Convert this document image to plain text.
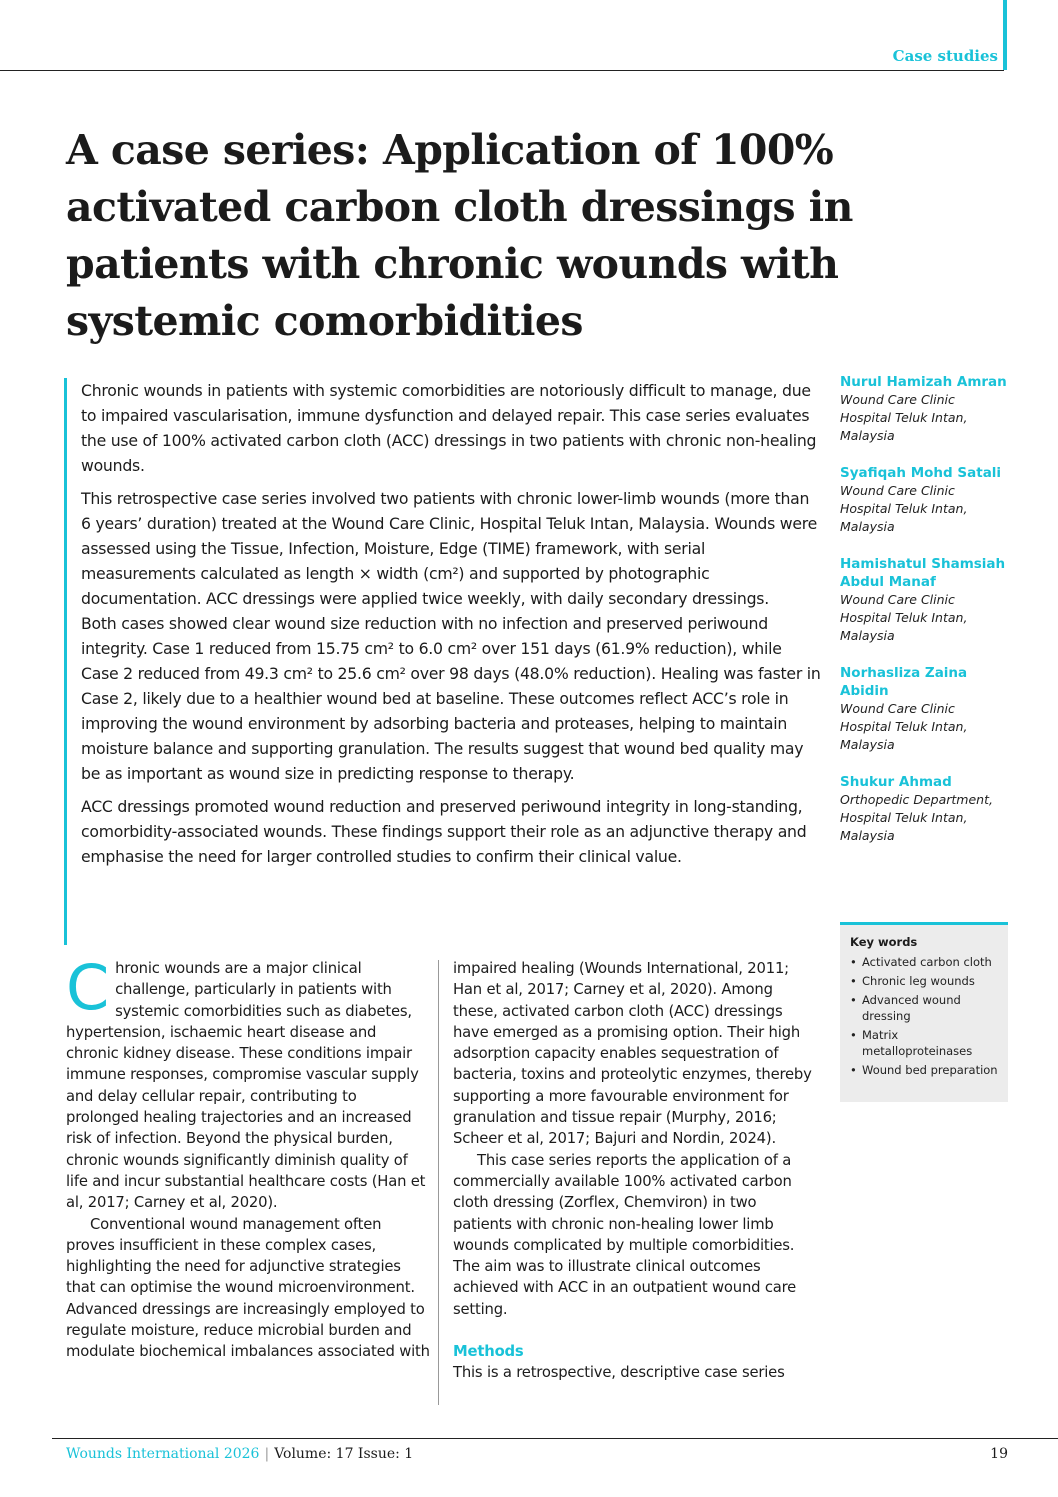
Case studies
A case series: Application of 100% activated carbon cloth dressings in patients with chronic wounds with systemic comorbidities

Chronic wounds in patients with systemic comorbidities are notoriously difficult to manage, due to impaired vascularisation, immune dysfunction and delayed repair. This case series evaluates the use of 100% activated carbon cloth (ACC) dressings in two patients with chronic non-healing wounds.

This retrospective case series involved two patients with chronic lower-limb wounds (more than 6 years’ duration) treated at the Wound Care Clinic, Hospital Teluk Intan, Malaysia. Wounds were assessed using the Tissue, Infection, Moisture, Edge (TIME) framework, with serial measurements calculated as length × width (cm²) and supported by photographic documentation. ACC dressings were applied twice weekly, with daily secondary dressings.

Both cases showed clear wound size reduction with no infection and preserved periwound integrity. Case 1 reduced from 15.75 cm² to 6.0 cm² over 151 days (61.9% reduction), while Case 2 reduced from 49.3 cm² to 25.6 cm² over 98 days (48.0% reduction). Healing was faster in Case 2, likely due to a healthier wound bed at baseline. These outcomes reflect ACC’s role in improving the wound environment by adsorbing bacteria and proteases, helping to maintain moisture balance and supporting granulation. The results suggest that wound bed quality may be as important as wound size in predicting response to therapy.

ACC dressings promoted wound reduction and preserved periwound integrity in long-standing, comorbidity-associated wounds. These findings support their role as an adjunctive therapy and emphasise the need for larger controlled studies to confirm their clinical value.

Nurul Hamizah Amran
Wound Care Clinic
Hospital Teluk Intan,
Malaysia
Syafiqah Mohd Satali
Wound Care Clinic
Hospital Teluk Intan,
Malaysia
Hamishatul Shamsiah Abdul Manaf
Wound Care Clinic
Hospital Teluk Intan,
Malaysia
Norhasliza Zaina Abidin
Wound Care Clinic
Hospital Teluk Intan,
Malaysia
Shukur Ahmad
Orthopedic Department,
Hospital Teluk Intan,
Malaysia
Key words
• Activated carbon cloth
• Chronic leg wounds
• Advanced wound dressing
• Matrix metalloproteinases
• Wound bed preparation

Chronic wounds are a major clinical challenge, particularly in patients with systemic comorbidities such as diabetes, hypertension, ischaemic heart disease and chronic kidney disease. These conditions impair immune responses, compromise vascular supply and delay cellular repair, contributing to prolonged healing trajectories and an increased risk of infection. Beyond the physical burden, chronic wounds significantly diminish quality of life and incur substantial healthcare costs (Han et al, 2017; Carney et al, 2020).

Conventional wound management often proves insufficient in these complex cases, highlighting the need for adjunctive strategies that can optimise the wound microenvironment. Advanced dressings are increasingly employed to regulate moisture, reduce microbial burden and modulate biochemical imbalances associated with

impaired healing (Wounds International, 2011; Han et al, 2017; Carney et al, 2020). Among these, activated carbon cloth (ACC) dressings have emerged as a promising option. Their high adsorption capacity enables sequestration of bacteria, toxins and proteolytic enzymes, thereby supporting a more favourable environment for granulation and tissue repair (Murphy, 2016; Scheer et al, 2017; Bajuri and Nordin, 2024).

This case series reports the application of a commercially available 100% activated carbon cloth dressing (Zorflex, Chemviron) in two patients with chronic non-healing lower limb wounds complicated by multiple comorbidities. The aim was to illustrate clinical outcomes achieved with ACC in an outpatient wound care setting.

Methods

This is a retrospective, descriptive case series

Wounds International 2026 | Volume: 17 Issue: 1	19
